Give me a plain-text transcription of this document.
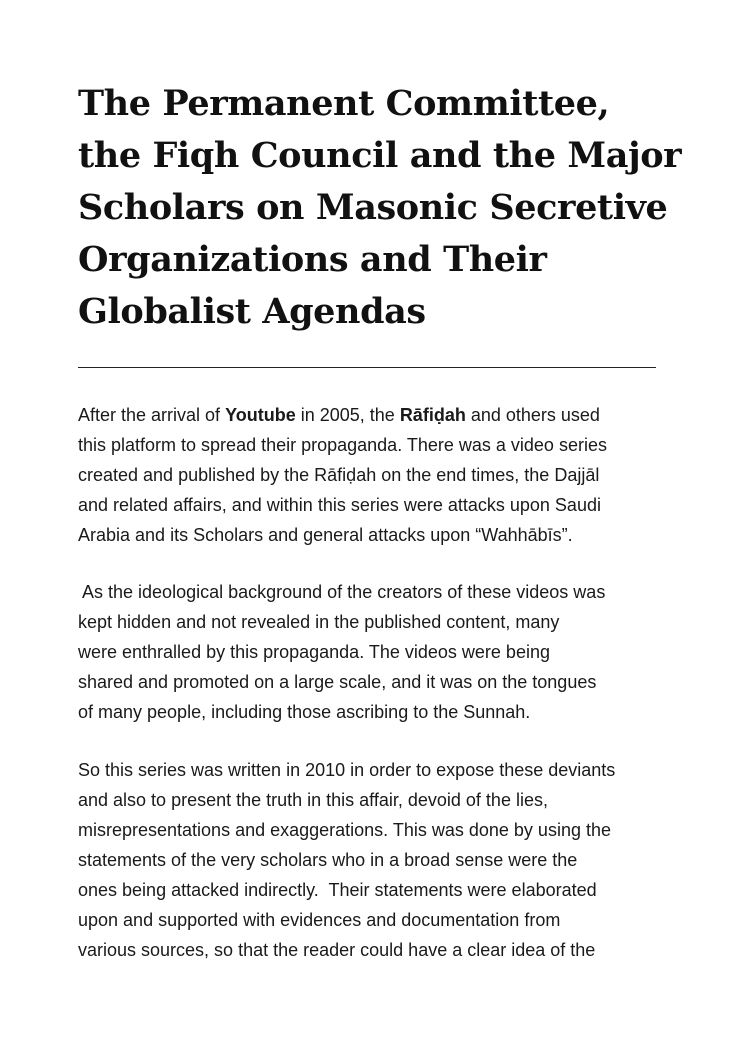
The Permanent Committee,
the Fiqh Council and the Major
Scholars on Masonic Secretive
Organizations and Their
Globalist Agendas

After the arrival of Youtube in 2005, the Rāfiḍah and others used
this platform to spread their propaganda. There was a video series
created and published by the Rāfiḍah on the end times, the Dajjāl
and related affairs, and within this series were attacks upon Saudi
Arabia and its Scholars and general attacks upon “Wahhābīs”.

As the ideological background of the creators of these videos was
kept hidden and not revealed in the published content, many
were enthralled by this propaganda. The videos were being
shared and promoted on a large scale, and it was on the tongues
of many people, including those ascribing to the Sunnah.

So this series was written in 2010 in order to expose these deviants
and also to present the truth in this affair, devoid of the lies,
misrepresentations and exaggerations. This was done by using the
statements of the very scholars who in a broad sense were the
ones being attacked indirectly.  Their statements were elaborated
upon and supported with evidences and documentation from
various sources, so that the reader could have a clear idea of the
